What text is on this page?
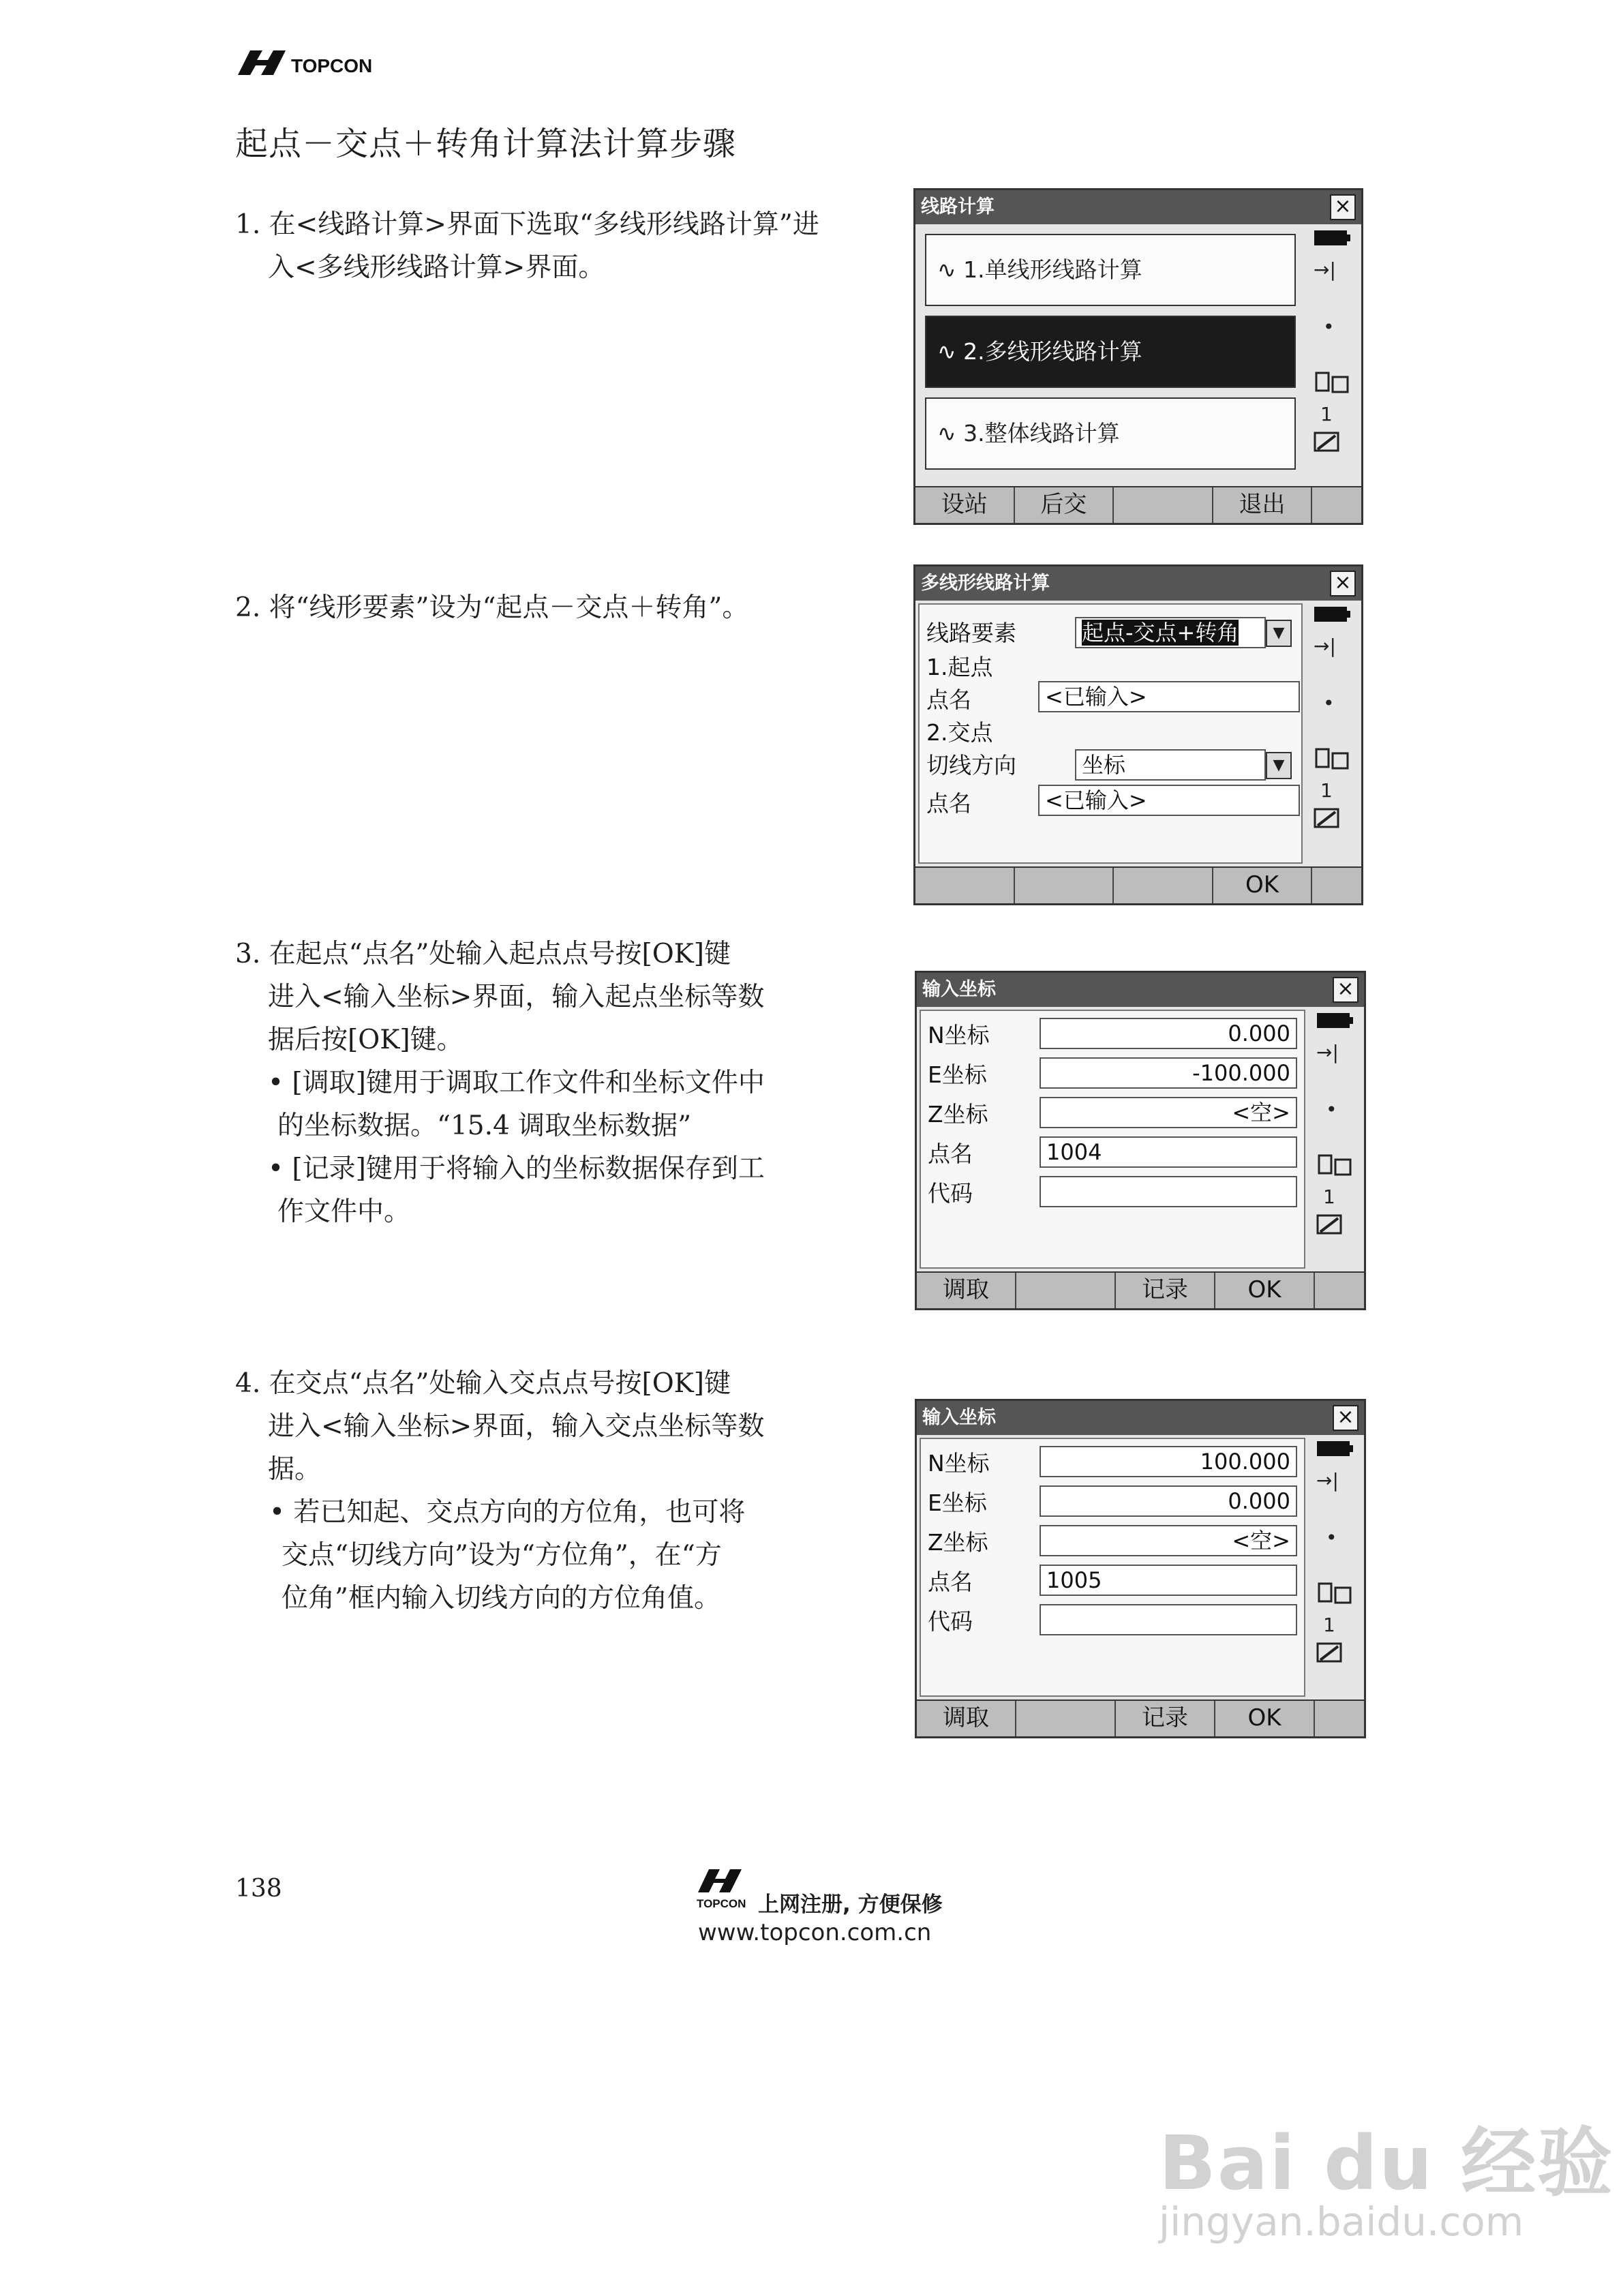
TOPCON
起点－交点＋转角计算法计算步骤
1. 在<线路计算>界面下选取“多线形线路计算”进
入<多线形线路计算>界面。
2. 将“线形要素”设为“起点－交点＋转角”。
3. 在起点“点名”处输入起点点号按[OK]键
进入<输入坐标>界面，输入起点坐标等数
据后按[OK]键。
• [调取]键用于调取工作文件和坐标文件中
的坐标数据。“15.4 调取坐标数据”
• [记录]键用于将输入的坐标数据保存到工
作文件中。
4. 在交点“点名”处输入交点点号按[OK]键
进入<输入坐标>界面，输入交点坐标等数
据。
• 若已知起、交点方向的方位角，也可将
交点“切线方向”设为“方位角”，在“方
位角”框内输入切线方向的方位角值。
线路计算	×
∿ 1.单线形线路计算
∿ 2.多线形线路计算
∿ 3.整体线路计算
→|
•
1
设站	后交	退出
多线形线路计算	×
线路要素	起点-交点+转角	▼
1.起点
点名	<已输入>
2.交点
切线方向	坐标	▼
点名	<已输入>
→|
•
1
OK
输入坐标	×
N坐标	0.000
E坐标	-100.000
Z坐标	<空>
点名	1004
代码
→|
•
1
调取	记录	OK
输入坐标	×
N坐标	100.000
E坐标	0.000
Z坐标	<空>
点名	1005
代码
→|
•
1
调取	记录	OK
138
TOPCON 上网注册, 方便保修
www.topcon.com.cn
Bai du 经验
jingyan.baidu.com
